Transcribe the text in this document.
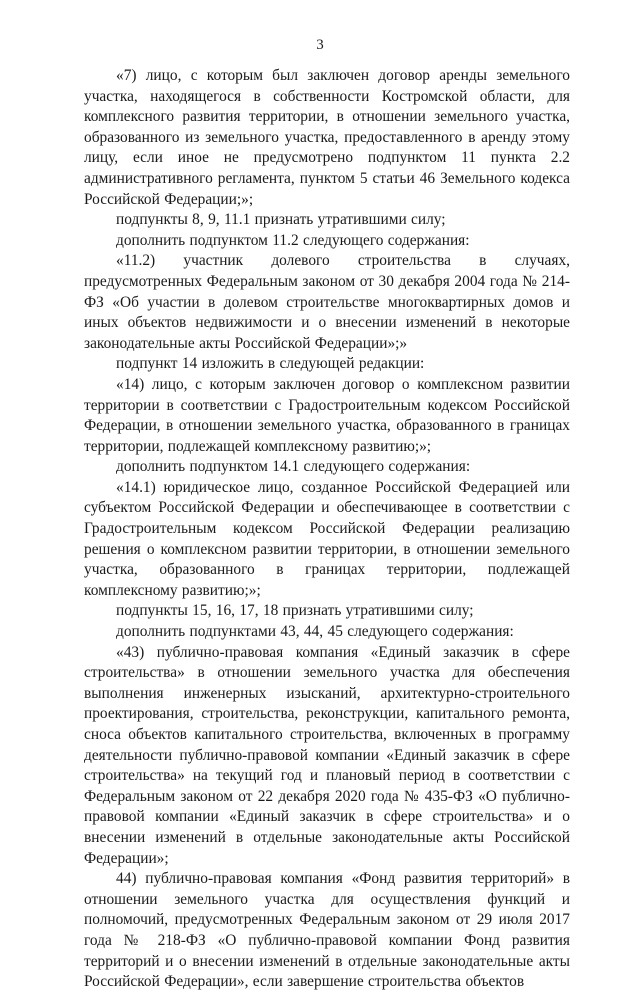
3

«7) лицо, с которым был заключен договор аренды земельного участка, находящегося в собственности Костромской области, для комплексного развития территории, в отношении земельного участка, образованного из земельного участка, предоставленного в аренду этому лицу, если иное не предусмотрено подпунктом 11 пункта 2.2 административного регламента, пунктом 5 статьи 46 Земельного кодекса Российской Федерации;»;

подпункты 8, 9, 11.1 признать утратившими силу;

дополнить подпунктом 11.2 следующего содержания:

«11.2) участник долевого строительства в случаях, предусмотренных Федеральным законом от 30 декабря 2004 года № 214-ФЗ «Об участии в долевом строительстве многоквартирных домов и иных объектов недвижимости и о внесении изменений в некоторые законодательные акты Российской Федерации»;»

подпункт 14 изложить в следующей редакции:

«14) лицо, с которым заключен договор о комплексном развитии территории в соответствии с Градостроительным кодексом Российской Федерации, в отношении земельного участка, образованного в границах территории, подлежащей комплексному развитию;»;

дополнить подпунктом 14.1 следующего содержания:

«14.1) юридическое лицо, созданное Российской Федерацией или субъектом Российской Федерации и обеспечивающее в соответствии с Градостроительным кодексом Российской Федерации реализацию решения о комплексном развитии территории, в отношении земельного участка, образованного в границах территории, подлежащей комплексному развитию;»;

подпункты 15, 16, 17, 18 признать утратившими силу;

дополнить подпунктами 43, 44, 45 следующего содержания:

«43) публично-правовая компания «Единый заказчик в сфере строительства» в отношении земельного участка для обеспечения выполнения инженерных изысканий, архитектурно-строительного проектирования, строительства, реконструкции, капитального ремонта, сноса объектов капитального строительства, включенных в программу деятельности публично-правовой компании «Единый заказчик в сфере строительства» на текущий год и плановый период в соответствии с Федеральным законом от 22 декабря 2020 года № 435-ФЗ «О публично-правовой компании «Единый заказчик в сфере строительства» и о внесении изменений в отдельные законодательные акты Российской Федерации»;

44) публично-правовая компания «Фонд развития территорий» в отношении земельного участка для осуществления функций и полномочий, предусмотренных Федеральным законом от 29 июля 2017 года № 218-ФЗ «О публично-правовой компании Фонд развития территорий и о внесении изменений в отдельные законодательные акты Российской Федерации», если завершение строительства объектов
